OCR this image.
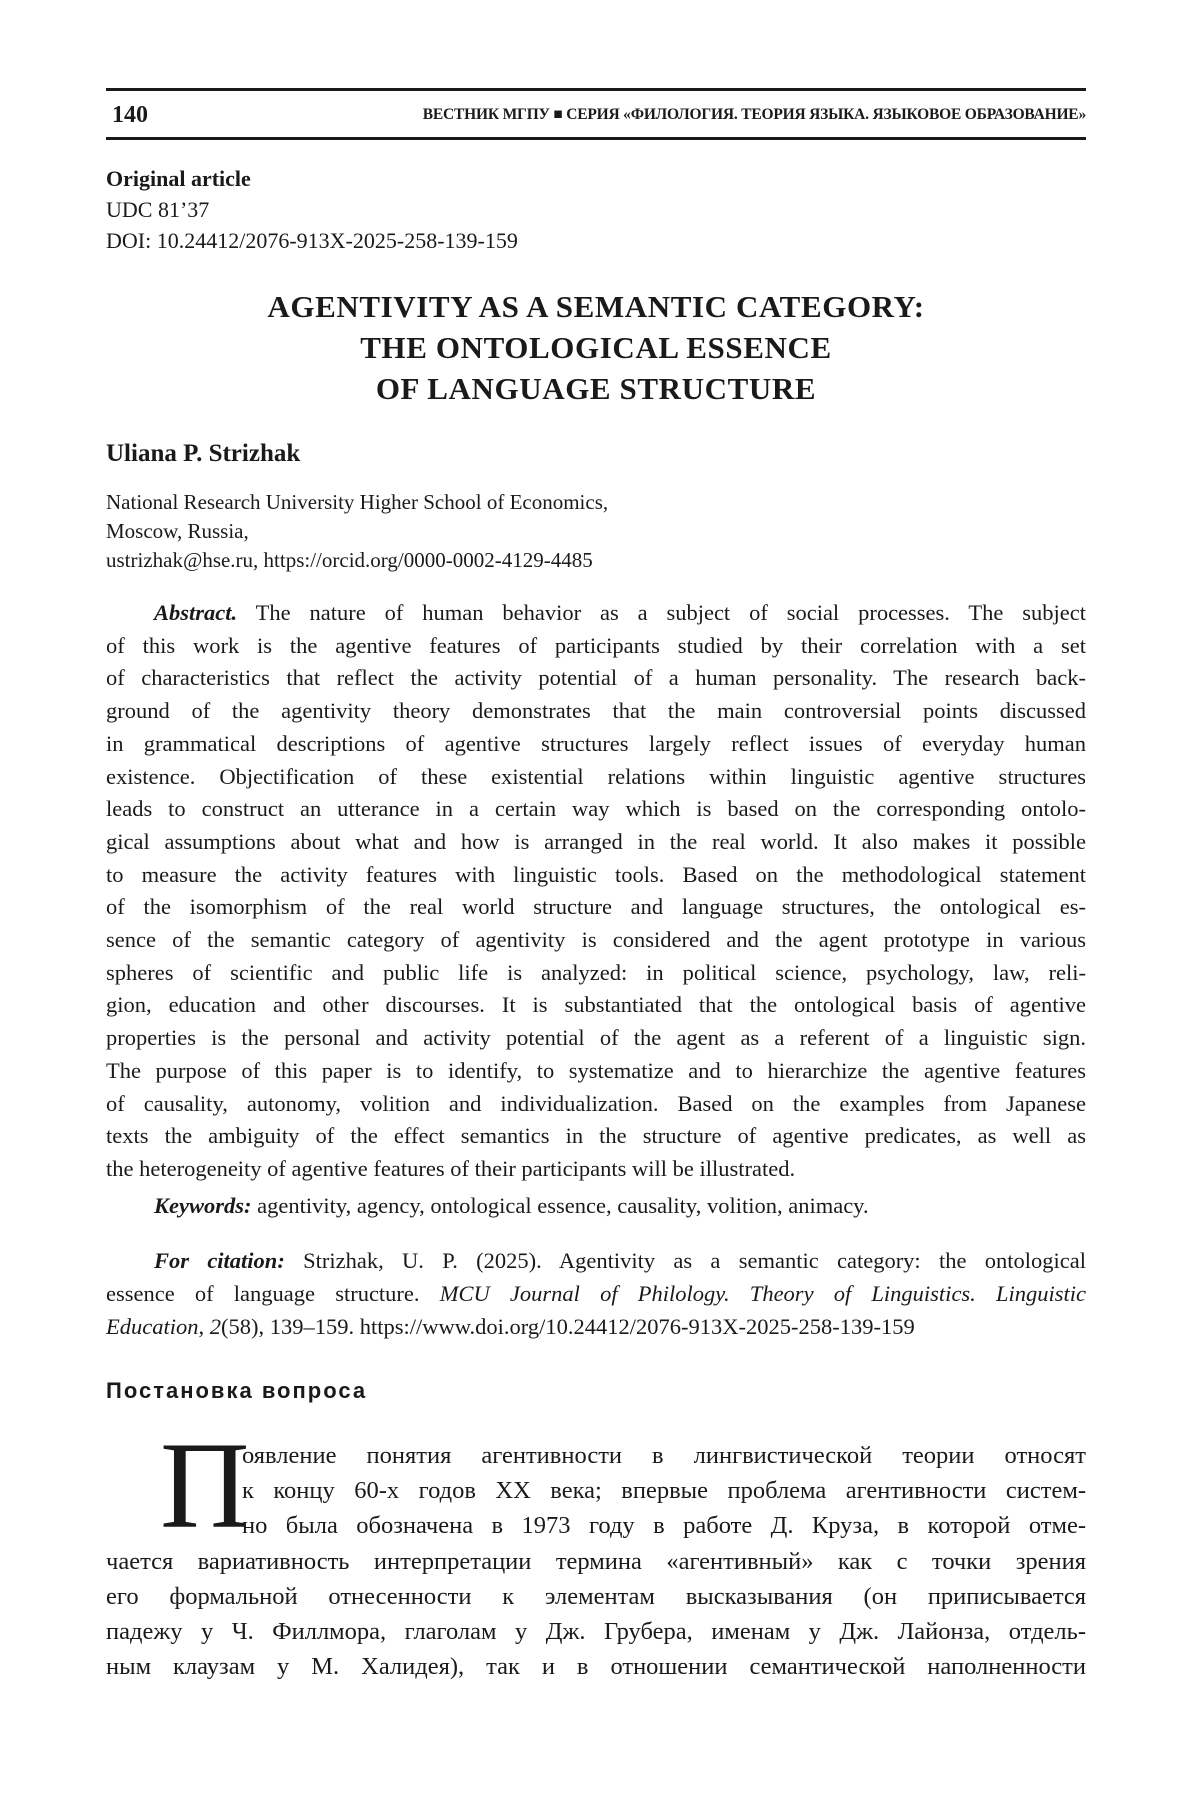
140	ВЕСТНИК МГПУ ■ СЕРИЯ «ФИЛОЛОГИЯ. ТЕОРИЯ ЯЗЫКА. ЯЗЫКОВОЕ ОБРАЗОВАНИЕ»
Original article
UDC 81’37
DOI: 10.24412/2076-913X-2025-258-139-159
AGENTIVITY AS A SEMANTIC CATEGORY:
THE ONTOLOGICAL ESSENCE
OF LANGUAGE STRUCTURE
Uliana P. Strizhak
National Research University Higher School of Economics,
Moscow, Russia,
ustrizhak@hse.ru, https://orcid.org/0000-0002-4129-4485
Abstract. The nature of human behavior as a subject of social processes. The subject
of this work is the agentive features of participants studied by their correlation with a set
of characteristics that reflect the activity potential of a human personality. The research back-
ground of the agentivity theory demonstrates that the main controversial points discussed
in grammatical descriptions of agentive structures largely reflect issues of everyday human
existence. Objectification of these existential relations within linguistic agentive structures
leads to construct an utterance in a certain way which is based on the corresponding ontolo-
gical assumptions about what and how is arranged in the real world. It also makes it possible
to measure the activity features with linguistic tools. Based on the methodological statement
of the isomorphism of the real world structure and language structures, the ontological es-
sence of the semantic category of agentivity is considered and the agent prototype in various
spheres of scientific and public life is analyzed: in political science, psychology, law, reli-
gion, education and other discourses. It is substantiated that the ontological basis of agentive
properties is the personal and activity potential of the agent as a referent of a linguistic sign.
The purpose of this paper is to identify, to systematize and to hierarchize the agentive features
of causality, autonomy, volition and individualization. Based on the examples from Japanese
texts the ambiguity of the effect semantics in the structure of agentive predicates, as well as
the heterogeneity of agentive features of their participants will be illustrated.
Keywords: agentivity, agency, ontological essence, causality, volition, animacy.
For citation: Strizhak, U. P. (2025). Agentivity as a semantic category: the ontological
essence of language structure. MCU Journal of Philology. Theory of Linguistics. Linguistic
Education, 2(58), 139–159. https://www.doi.org/10.24412/2076-913X-2025-258-139-159
Постановка вопроса
П
оявление понятия агентивности в лингвистической теории относят
к концу 60-х годов XX века; впервые проблема агентивности систем-
но была обозначена в 1973 году в работе Д. Круза, в которой отме-
чается вариативность интерпретации термина «агентивный» как с точки зрения
его формальной отнесенности к элементам высказывания (он приписывается
падежу у Ч. Филлмора, глаголам у Дж. Грубера, именам у Дж. Лайонза, отдель-
ным клаузам у М. Халидея), так и в отношении семантической наполненности
